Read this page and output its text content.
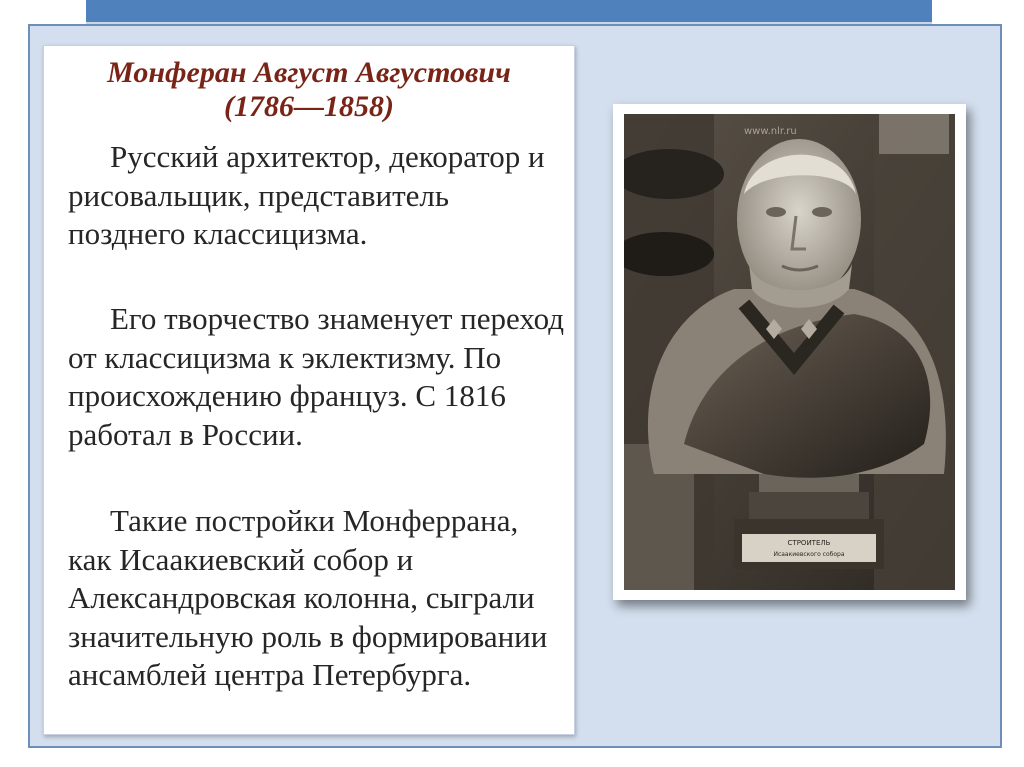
Монферан Август Августович
(1786—1858)

Русский архитектор, декоратор и рисовальщик, представитель позднего классицизма.

Его творчество знаменует переход от классицизма к эклектизму. По происхождению француз. С 1816 работал в России.

Такие постройки Монферрана, как Исаакиевский собор и Александровская колонна, сыграли значительную роль в формировании ансамблей центра Петербурга.

www.nlr.ru
СТРОИТЕЛЬ
Исаакиевского собора
